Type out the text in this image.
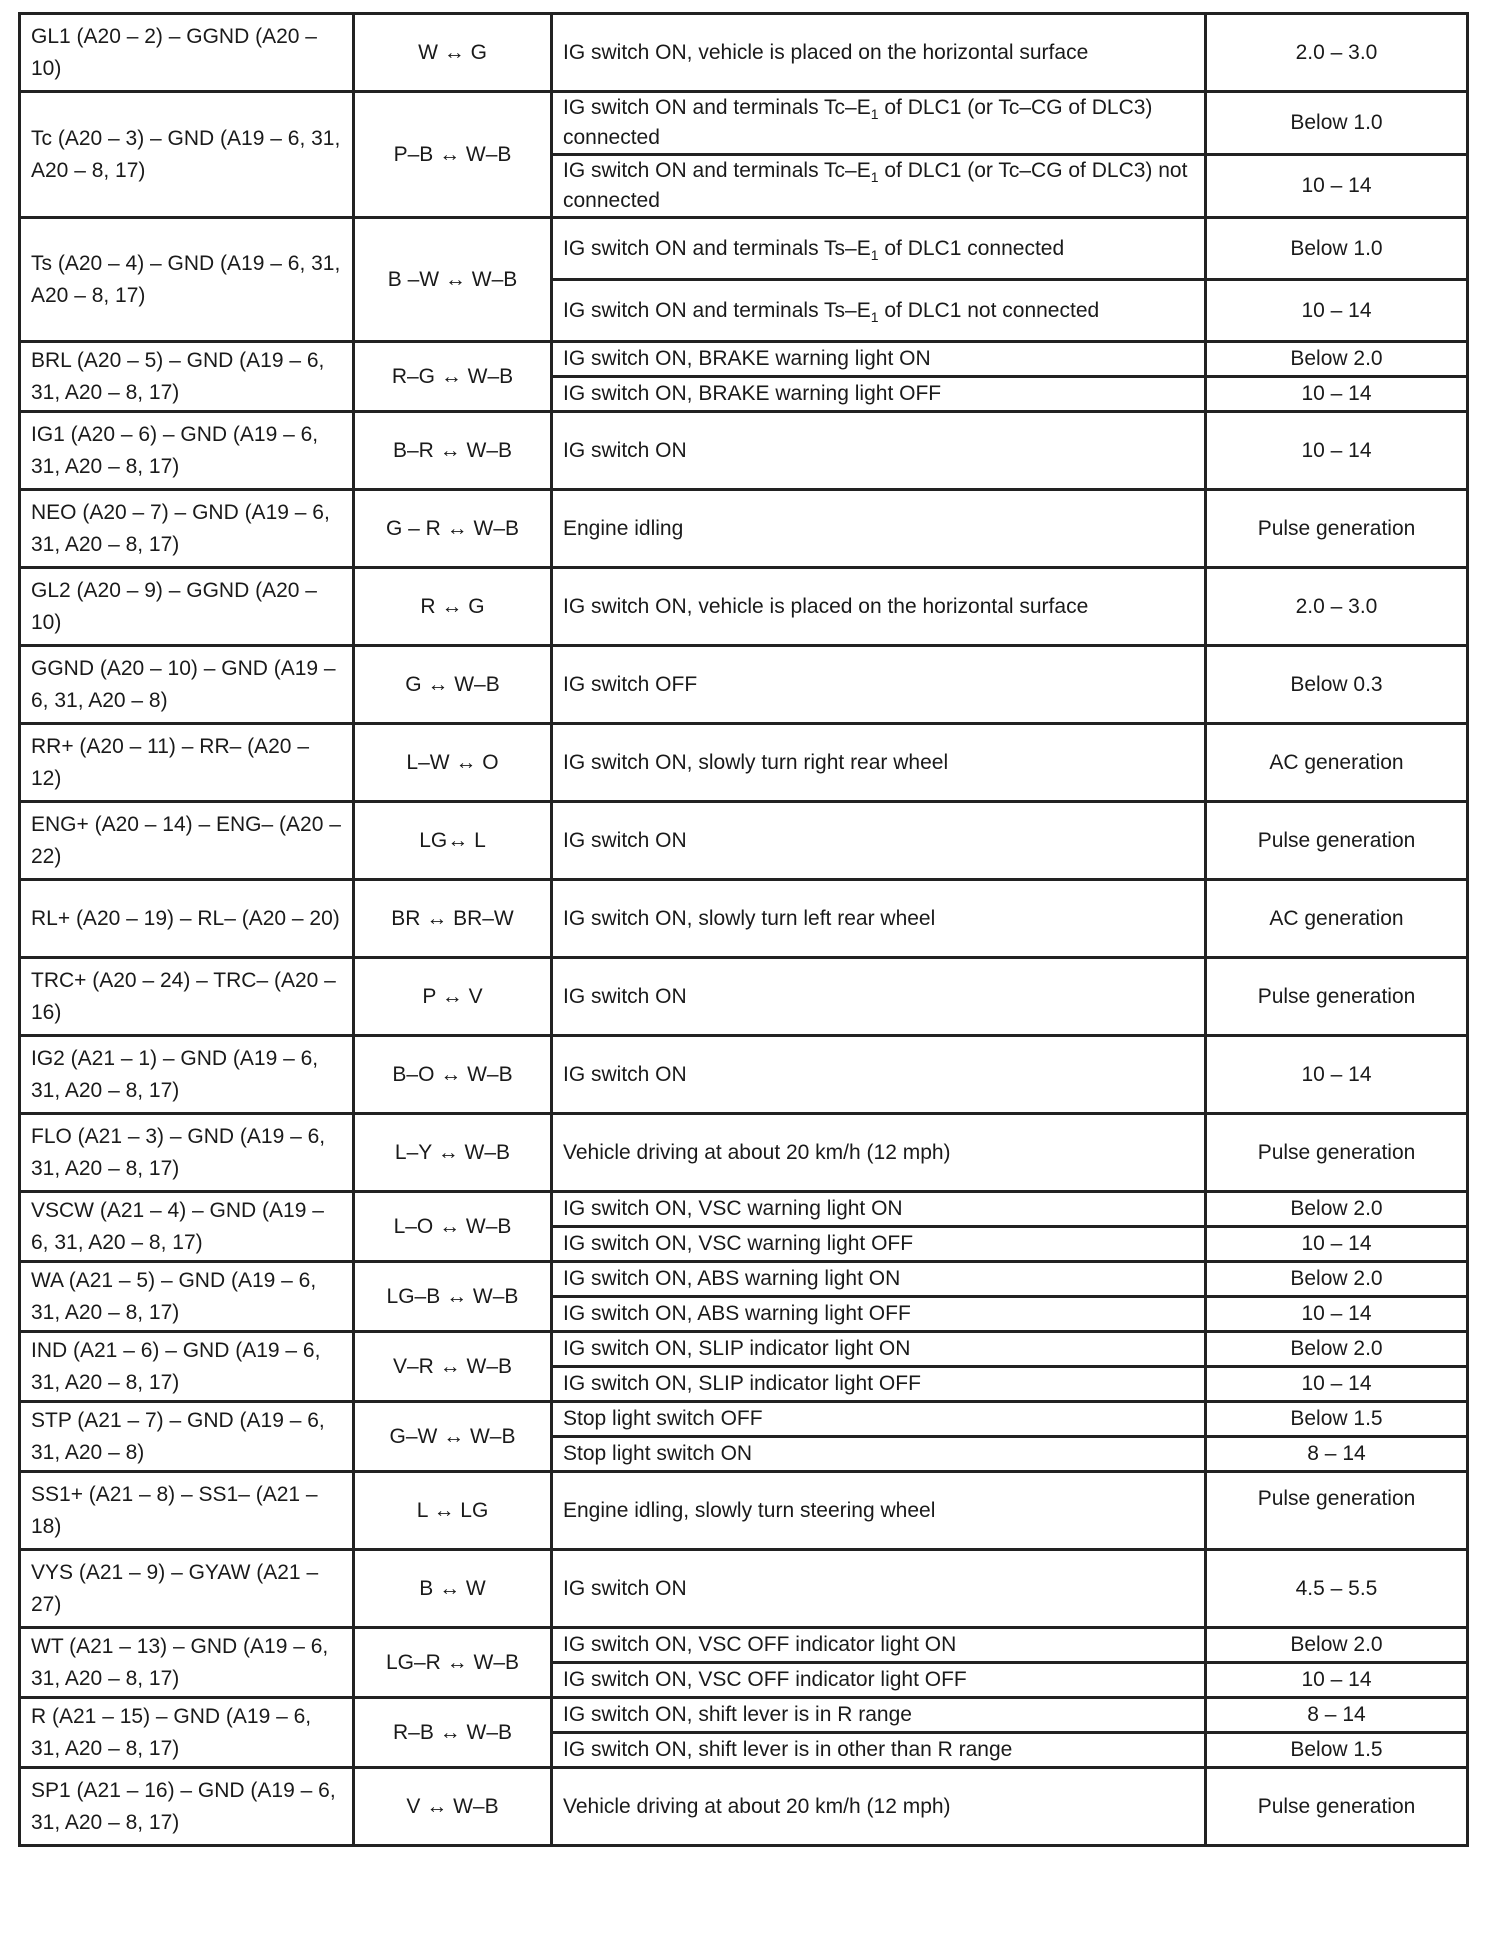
GL1 (A20 – 2) – GGND (A20 – 10)	W ↔ G	IG switch ON, vehicle is placed on the horizontal surface	2.0 – 3.0
Tc (A20 – 3) – GND (A19 – 6, 31, A20 – 8, 17)	P–B ↔ W–B	IG switch ON and terminals $Tc-E_1$ of DLC1 (or Tc–CG of DLC3) connected	Below 1.0
		IG switch ON and terminals $Tc-E_1$ of DLC1 (or Tc–CG of DLC3) not connected	10 – 14
Ts (A20 – 4) – GND (A19 – 6, 31, A20 – 8, 17)	B –W ↔ W–B	IG switch ON and terminals $Ts-E_1$ of DLC1 connected	Below 1.0
		IG switch ON and terminals $Ts-E_1$ of DLC1 not connected	10 – 14
BRL (A20 – 5) – GND (A19 – 6, 31, A20 – 8, 17)	R–G ↔ W–B	IG switch ON, BRAKE warning light ON	Below 2.0
		IG switch ON, BRAKE warning light OFF	10 – 14
IG1 (A20 – 6) – GND (A19 – 6, 31, A20 – 8, 17)	B–R ↔ W–B	IG switch ON	10 – 14
NEO (A20 – 7) – GND (A19 – 6, 31, A20 – 8, 17)	G – R ↔ W–B	Engine idling	Pulse generation
GL2 (A20 – 9) – GGND (A20 – 10)	R ↔ G	IG switch ON, vehicle is placed on the horizontal surface	2.0 – 3.0
GGND (A20 – 10) – GND (A19 – 6, 31, A20 – 8)	G ↔ W–B	IG switch OFF	Below 0.3
RR+ (A20 – 11) – RR– (A20 – 12)	L–W ↔ O	IG switch ON, slowly turn right rear wheel	AC generation
ENG+ (A20 – 14) – ENG– (A20 – 22)	LG↔ L	IG switch ON	Pulse generation
RL+ (A20 – 19) – RL– (A20 – 20)	BR ↔ BR–W	IG switch ON, slowly turn left rear wheel	AC generation
TRC+ (A20 – 24) – TRC– (A20 – 16)	P ↔ V	IG switch ON	Pulse generation
IG2 (A21 – 1) – GND (A19 – 6, 31, A20 – 8, 17)	B–O ↔ W–B	IG switch ON	10 – 14
FLO (A21 – 3) – GND (A19 – 6, 31, A20 – 8, 17)	L–Y ↔ W–B	Vehicle driving at about 20 km/h (12 mph)	Pulse generation
VSCW (A21 – 4) – GND (A19 – 6, 31, A20 – 8, 17)	L–O ↔ W–B	IG switch ON, VSC warning light ON	Below 2.0
		IG switch ON, VSC warning light OFF	10 – 14
WA (A21 – 5) – GND (A19 – 6, 31, A20 – 8, 17)	LG–B ↔ W–B	IG switch ON, ABS warning light ON	Below 2.0
		IG switch ON, ABS warning light OFF	10 – 14
IND (A21 – 6) – GND (A19 – 6, 31, A20 – 8, 17)	V–R ↔ W–B	IG switch ON, SLIP indicator light ON	Below 2.0
		IG switch ON, SLIP indicator light OFF	10 – 14
STP (A21 – 7) – GND (A19 – 6, 31, A20 – 8)	G–W ↔ W–B	Stop light switch OFF	Below 1.5
		Stop light switch ON	8 – 14
SS1+ (A21 – 8) – SS1– (A21 – 18)	L ↔ LG	Engine idling, slowly turn steering wheel	Pulse generation
VYS (A21 – 9) – GYAW (A21 – 27)	B ↔ W	IG switch ON	4.5 – 5.5
WT (A21 – 13) – GND (A19 – 6, 31, A20 – 8, 17)	LG–R ↔ W–B	IG switch ON, VSC OFF indicator light ON	Below 2.0
		IG switch ON, VSC OFF indicator light OFF	10 – 14
R (A21 – 15) – GND (A19 – 6, 31, A20 – 8, 17)	R–B ↔ W–B	IG switch ON, shift lever is in R range	8 – 14
		IG switch ON, shift lever is in other than R range	Below 1.5
SP1 (A21 – 16) – GND (A19 – 6, 31, A20 – 8, 17)	V ↔ W–B	Vehicle driving at about 20 km/h (12 mph)	Pulse generation
